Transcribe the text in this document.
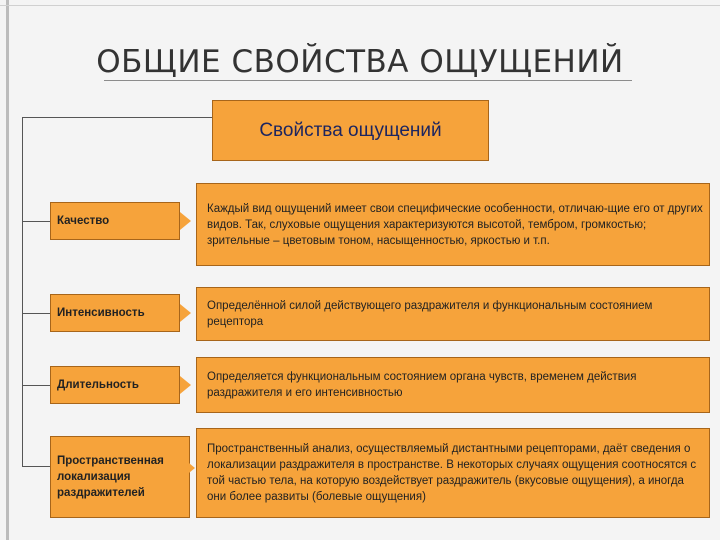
ОБЩИЕ СВОЙСТВА ОЩУЩЕНИЙ
Свойства ощущений
Качество
Каждый вид ощущений имеет свои специфические особенности, отличаю-щие его от других видов. Так, слуховые ощущения характеризуются высотой, тембром, громкостью; зрительные – цветовым тоном, насыщенностью, яркостью и т.п.
Интенсивность
Определённой силой действующего раздражителя и функциональным состоянием рецептора
Длительность
Определяется функциональным состоянием органа чувств, временем действия раздражителя и его интенсивностью
Пространственная локализация раздражителей
Пространственный анализ, осуществляемый дистантными рецепторами, даёт сведения о локализации раздражителя в пространстве. В некоторых случаях ощущения соотносятся с той частью тела, на которую воздействует раздражитель (вкусовые ощущения), а иногда они более развиты (болевые ощущения)
